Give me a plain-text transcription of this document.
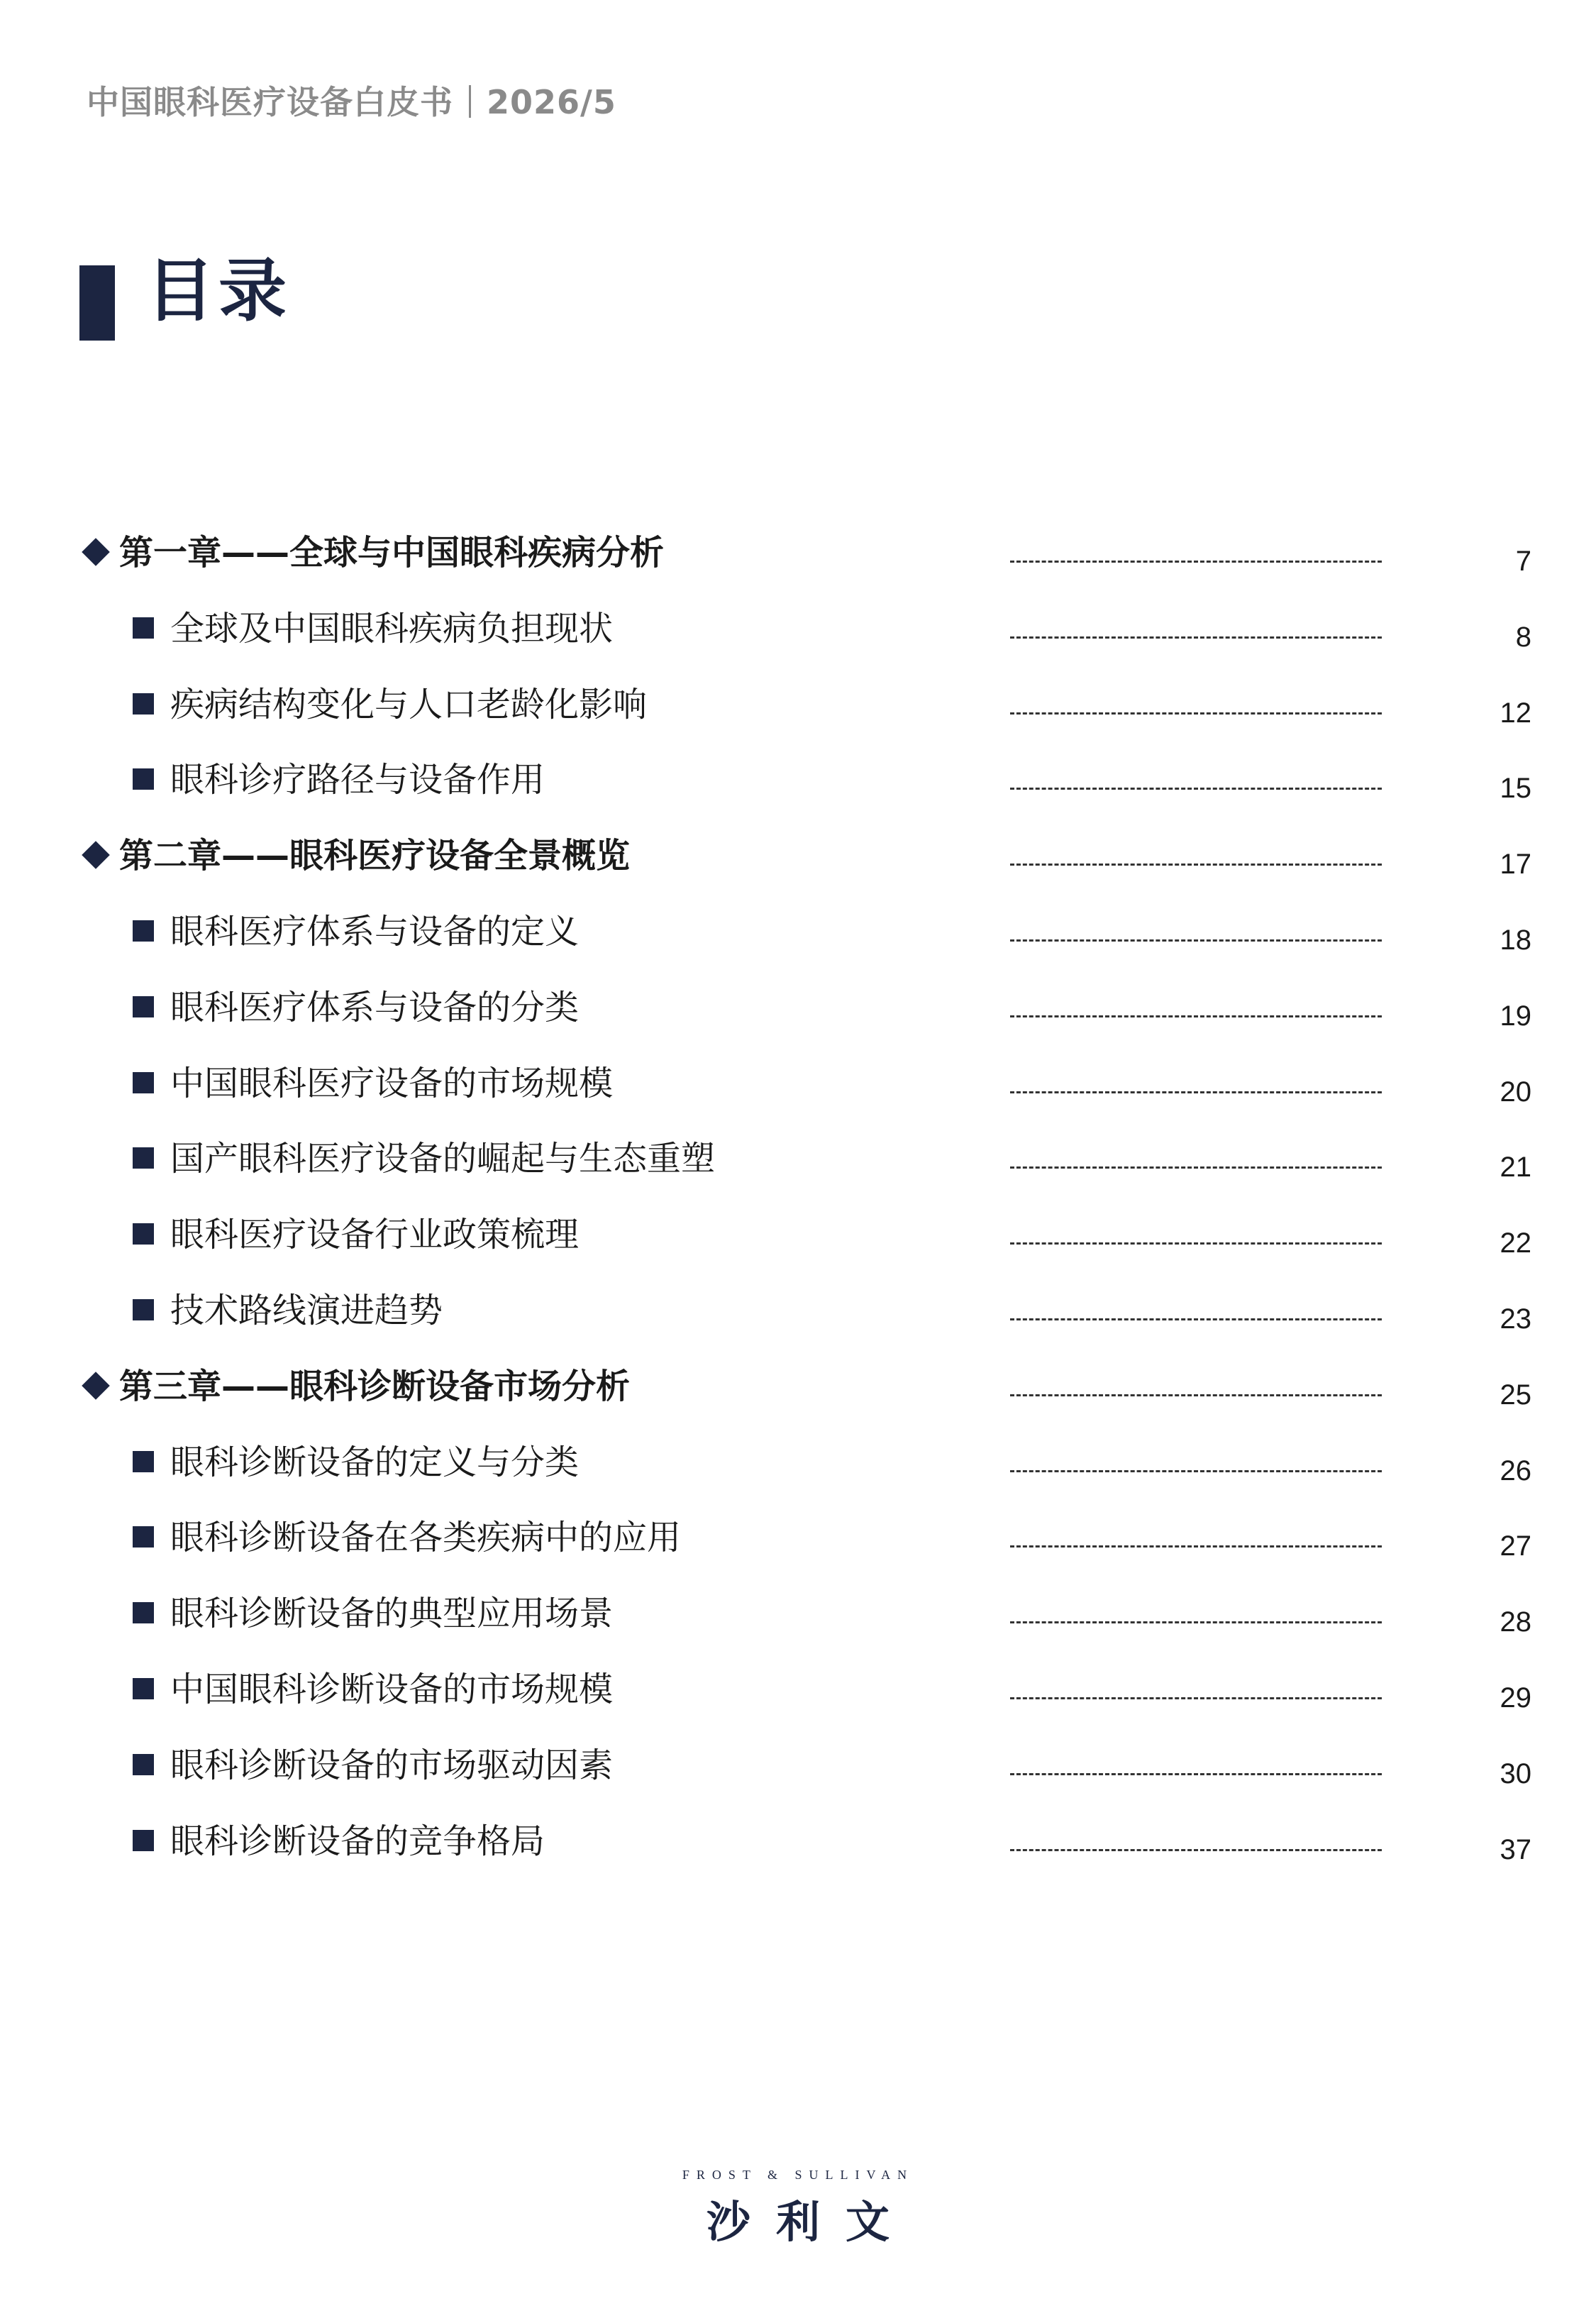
中国眼科医疗设备白皮书 2026/5
目录
第一章——全球与中国眼科疾病分析	7
全球及中国眼科疾病负担现状	8
疾病结构变化与人口老龄化影响	12
眼科诊疗路径与设备作用	15
第二章——眼科医疗设备全景概览	17
眼科医疗体系与设备的定义	18
眼科医疗体系与设备的分类	19
中国眼科医疗设备的市场规模	20
国产眼科医疗设备的崛起与生态重塑	21
眼科医疗设备行业政策梳理	22
技术路线演进趋势	23
第三章——眼科诊断设备市场分析	25
眼科诊断设备的定义与分类	26
眼科诊断设备在各类疾病中的应用	27
眼科诊断设备的典型应用场景	28
中国眼科诊断设备的市场规模	29
眼科诊断设备的市场驱动因素	30
眼科诊断设备的竞争格局	37
FROST & SULLIVAN
沙利文
